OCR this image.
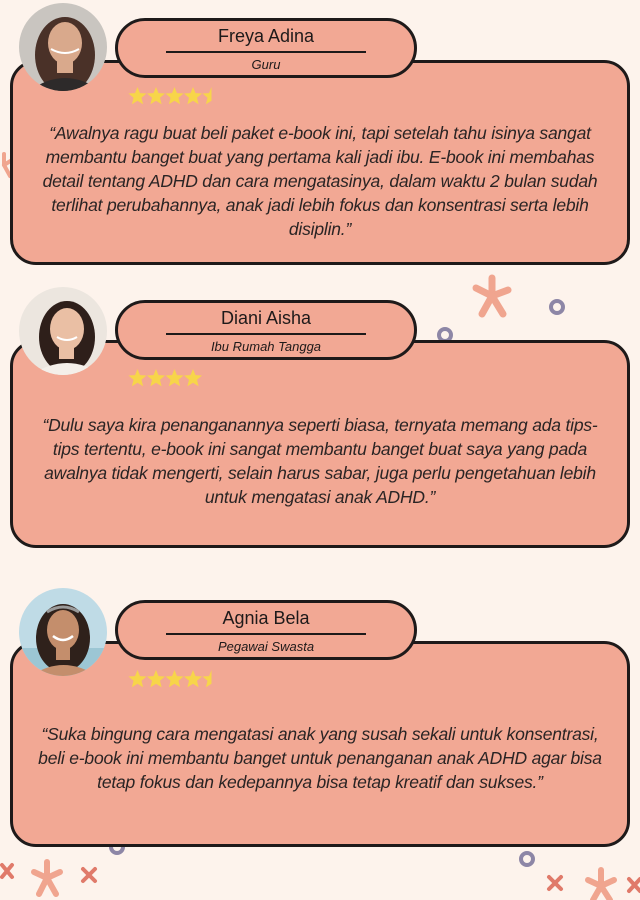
“Awalnya ragu buat beli paket e-book ini, tapi setelah tahu isinya sangat membantu banget buat yang pertama kali jadi ibu. E-book ini membahas detail tentang ADHD dan cara mengatasinya, dalam waktu 2 bulan sudah terlihat perubahannya, anak jadi lebih fokus dan konsentrasi serta lebih disiplin.”
Freya Adina
Guru
“Dulu saya kira penanganannya seperti biasa, ternyata memang ada tips-tips tertentu, e-book ini sangat membantu banget buat saya yang pada awalnya tidak mengerti, selain harus sabar, juga perlu pengetahuan lebih untuk mengatasi anak ADHD.”
Diani Aisha
Ibu Rumah Tangga
“Suka bingung cara mengatasi anak yang susah sekali untuk konsentrasi, beli e-book ini membantu banget untuk penanganan anak ADHD agar bisa tetap fokus dan kedepannya bisa tetap kreatif dan sukses.”
Agnia Bela
Pegawai Swasta
